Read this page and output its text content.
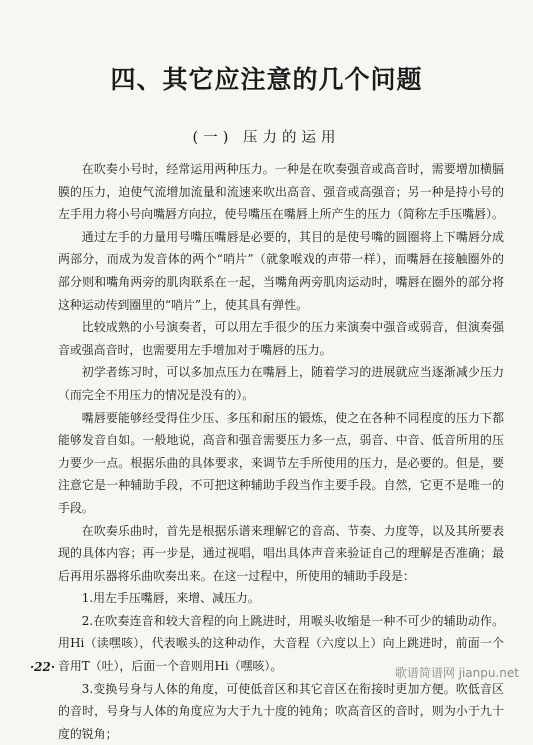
四、其它应注意的几个问题
(一) 压力的运用

在吹奏小号时，经常运用两种压力。一种是在吹奏强音或高音时，需要增加横膈膜的压力，迫使气流增加流量和流速来吹出高音、强音或高强音；另一种是持小号的左手用力将小号向嘴唇方向拉，使号嘴压在嘴唇上所产生的压力（简称左手压嘴唇）。

通过左手的力量用号嘴压嘴唇是必要的，其目的是使号嘴的圆圈将上下嘴唇分成两部分，而成为发音体的两个“哨片”（就象喉戏的声带一样），而嘴唇在接触圈外的部分则和嘴角两旁的肌肉联系在一起，当嘴角两旁肌肉运动时，嘴唇在圈外的部分将这种运动传到圈里的“哨片”上，使其具有弹性。

比较成熟的小号演奏者，可以用左手很少的压力来演奏中强音或弱音，但演奏强音或强高音时，也需要用左手增加对于嘴唇的压力。

初学者练习时，可以多加点压力在嘴唇上，随着学习的进展就应当逐渐减少压力（而完全不用压力的情况是没有的）。

嘴唇要能够经受得住少压、多压和耐压的锻炼，使之在各种不同程度的压力下都能够发音自如。一般地说，高音和强音需要压力多一点，弱音、中音、低音所用的压力要少一点。根据乐曲的具体要求，来调节左手所使用的压力，是必要的。但是，要注意它是一种辅助手段，不可把这种辅助手段当作主要手段。自然，它更不是唯一的手段。

在吹奏乐曲时，首先是根据乐谱来理解它的音高、节奏、力度等，以及其所要表现的具体内容；再一步是，通过视唱，唱出具体声音来验证自己的理解是否准确；最后再用乐器将乐曲吹奏出来。在这一过程中，所使用的辅助手段是：

1.用左手压嘴唇，来增、减压力。

2.在吹奏连音和较大音程的向上跳进时，用喉头收缩是一种不可少的辅助动作。用Hi（读嘿咳），代表喉头的这种动作，大音程（六度以上）向上跳进时，前面一个音用T（吐），后面一个音则用Hi（嘿咳）。

3.变换号身与人体的角度，可使低音区和其它音区在衔接时更加方便。吹低音区的音时，号身与人体的角度应为大于九十度的钝角；吹高音区的音时，则为小于九十度的锐角；

·22·	歌谱简谱网 jianpu.net
